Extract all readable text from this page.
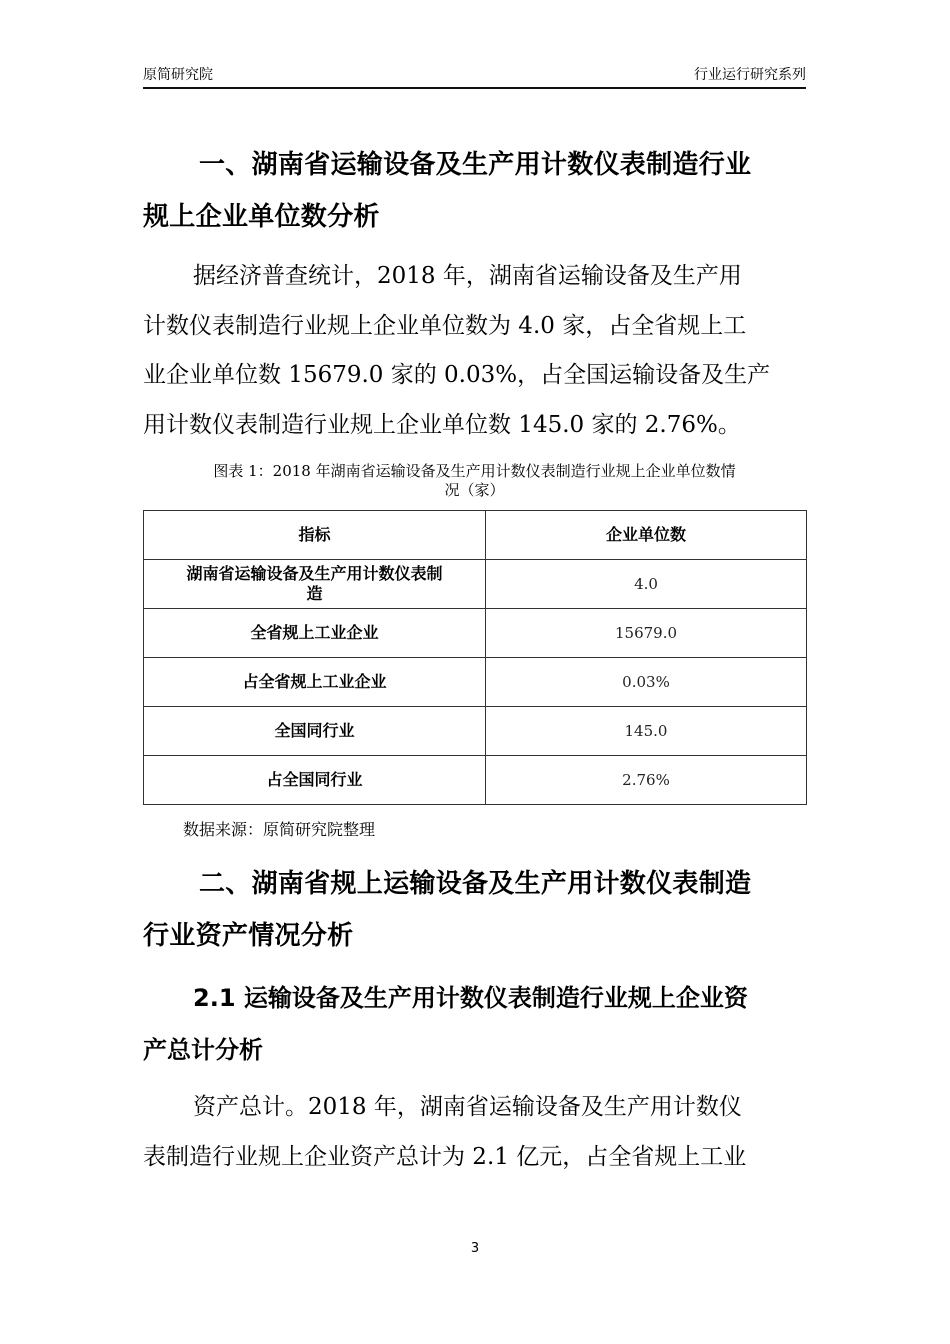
原简研究院	行业运行研究系列
一、湖南省运输设备及生产用计数仪表制造行业
规上企业单位数分析
据经济普查统计，2018 年，湖南省运输设备及生产用
计数仪表制造行业规上企业单位数为 4.0 家，占全省规上工
业企业单位数 15679.0 家的 0.03%，占全国运输设备及生产
用计数仪表制造行业规上企业单位数 145.0 家的 2.76%。
图表 1：2018 年湖南省运输设备及生产用计数仪表制造行业规上企业单位数情
况（家）
指标	企业单位数

湖南省运输设备及生产用计数仪表制
造	4.0
全省规上工业企业	15679.0
占全省规上工业企业	0.03%
全国同行业	145.0
占全国同行业	2.76%
数据来源：原简研究院整理
二、湖南省规上运输设备及生产用计数仪表制造
行业资产情况分析
2.1 运输设备及生产用计数仪表制造行业规上企业资
产总计分析
资产总计。2018 年，湖南省运输设备及生产用计数仪
表制造行业规上企业资产总计为 2.1 亿元，占全省规上工业
3
